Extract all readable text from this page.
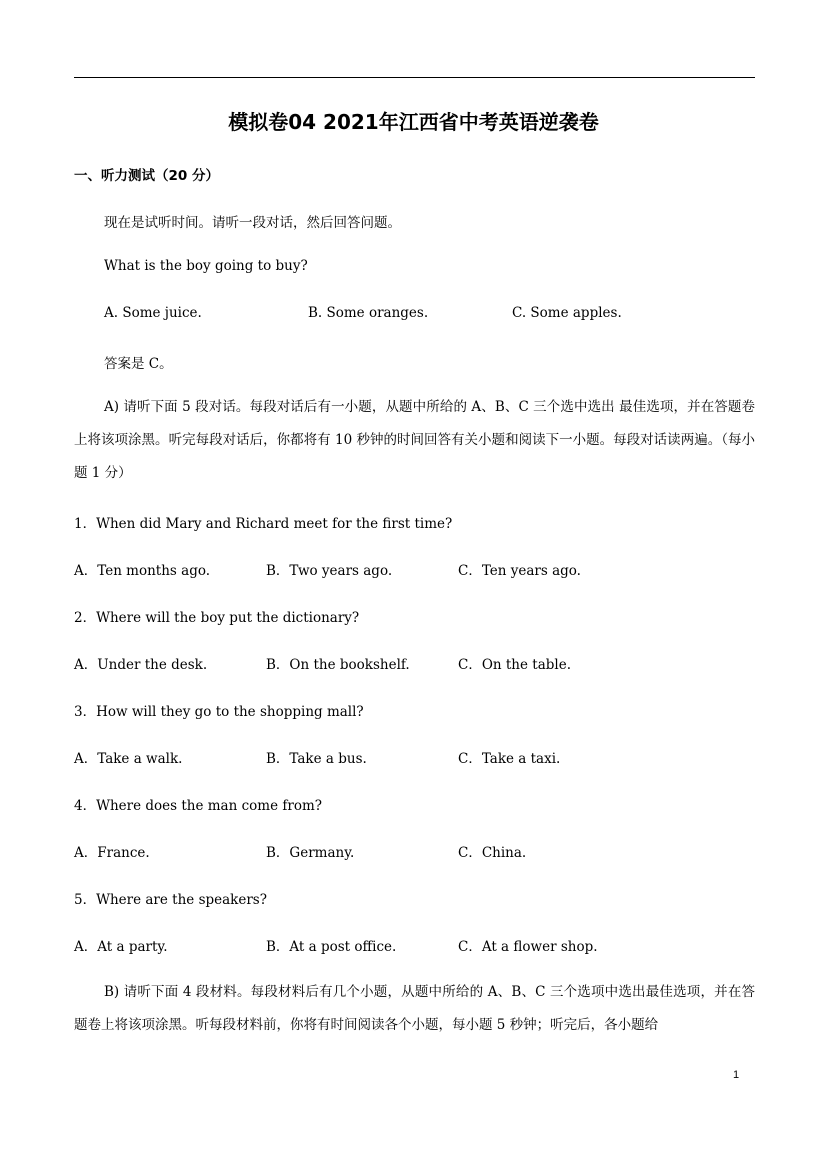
模拟卷04 2021年江西省中考英语逆袭卷
一、听力测试（20 分）
现在是试听时间。请听一段对话，然后回答问题。
What is the boy going to buy?
A. Some juice.	B. Some oranges.	C. Some apples.
答案是 C。
A) 请听下面 5 段对话。每段对话后有一小题，从题中所给的 A、B、C 三个选中选出 最佳选项，并在答题卷上将该项涂黑。听完每段对话后，你都将有 10 秒钟的时间回答有关小题和阅读下一小题。每段对话读两遍。（每小题 1 分）
1．When did Mary and Richard meet for the first time?
A．Ten months ago.	B．Two years ago.	C．Ten years ago.
2．Where will the boy put the dictionary?
A．Under the desk.	B．On the bookshelf.	C．On the table.
3．How will they go to the shopping mall?
A．Take a walk.	B．Take a bus.	C．Take a taxi.
4．Where does the man come from?
A．France.	B．Germany.	C．China.
5．Where are the speakers?
A．At a party.	B．At a post office.	C．At a flower shop.
B) 请听下面 4 段材料。每段材料后有几个小题，从题中所给的 A、B、C 三个选项中选出最佳选项，并在答题卷上将该项涂黑。听每段材料前，你将有时间阅读各个小题，每小题 5 秒钟；听完后，各小题给
1
